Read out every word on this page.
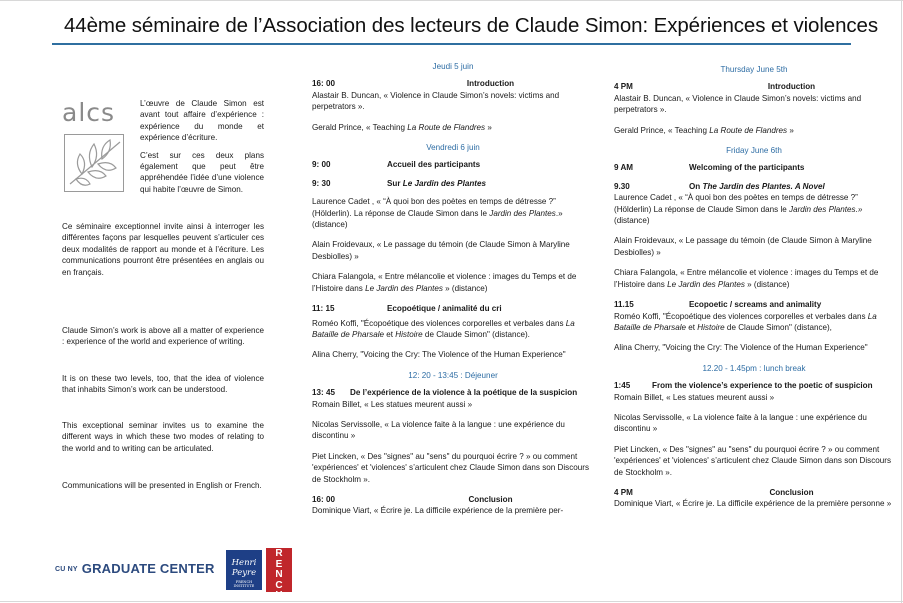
44ème séminaire de l’Association des lecteurs de Claude Simon: Expériences et violences
alcs	L’œuvre de Claude Simon est avant tout affaire d’expérience : expérience du monde et expérience d’écriture.

C’est sur ces deux plans également que peut être appréhendée l’idée d’une violence qui habite l’œuvre de Simon.

Ce séminaire exceptionnel invite ainsi à interroger les différentes façons par lesquelles peuvent s’articuler ces deux modalités de rapport au monde et à l’écriture. Les communications pourront être présentées en anglais ou en français.

Claude Simon’s work is above all a matter of experience : experience of the world and experience of writing.

It is on these two levels, too, that the idea of violence that inhabits Simon’s work can be understood.

This exceptional seminar invites us to examine the different ways in which these two modes of relating to the world and to writing can be articulated.

Communications will be presented in English or French.

CU NY GRADUATE CENTER	Henri
Peyre
FRENCH INSTITUTE
F
R
E
N
C
H
Jeudi 5 juin
16: 00	Introduction
Alastair B. Duncan, « Violence in Claude Simon’s novels: victims and perpetrators ».
Gerald Prince, « Teaching La Route de Flandres »
Vendredi 6 juin
9: 00	Accueil des participants
9: 30	Sur Le Jardin des Plantes
Laurence Cadet , « “À quoi bon des poètes en temps de détresse ?” (Hölderlin). La réponse de Claude Simon dans le Jardin des Plantes.» (distance)
Alain Froidevaux, « Le passage du témoin (de Claude Simon à Maryline Desbiolles) »
Chiara Falangola, « Entre mélancolie et violence : images du Temps et de l’Histoire dans Le Jardin des Plantes » (distance)
11: 15	Ecopoétique / animalité du cri
Roméo Koffi, "Écopoétique des violences corporelles et verbales dans La Bataille de Pharsale et Histoire de Claude Simon" (distance).
Alina Cherry, "Voicing the Cry: The Violence of the Human Experience"
12: 20 - 13:45 : Déjeuner
13: 45	De l’expérience de la violence à la poétique de la suspicion
Romain Billet, « Les statues meurent aussi »
Nicolas Servissolle, « La violence faite à la langue : une expérience du discontinu »
Piet Lincken, « Des "signes" au "sens" du pourquoi écrire ? » ou comment 'expériences' et 'violences' s’articulent chez Claude Simon dans son Discours de Stockholm ».
16: 00	Conclusion
Dominique Viart, « Écrire je. La difficile expérience de la première per-
Thursday June 5th
4 PM	Introduction
Alastair B. Duncan, « Violence in Claude Simon’s novels: victims and perpetrators ».
Gerald Prince, « Teaching La Route de Flandres »
Friday June 6th
9 AM	Welcoming of the participants
9.30	On The Jardin des Plantes. A Novel
Laurence Cadet , « “À quoi bon des poètes en temps de détresse ?” (Hölderlin) La réponse de Claude Simon dans le Jardin des Plantes.» (distance)
Alain Froidevaux, « Le passage du témoin (de Claude Simon à Maryline Desbiolles) »
Chiara Falangola, « Entre mélancolie et violence : images du Temps et de l’Histoire dans Le Jardin des Plantes » (distance)
11.15	Ecopoetic / screams and animality
Roméo Koffi, "Écopoétique des violences corporelles et verbales dans La Bataille de Pharsale et Histoire de Claude Simon" (distance),
Alina Cherry, "Voicing the Cry: The Violence of the Human Experience"
12.20 - 1.45pm : lunch break
1:45	From the violence’s experience to the poetic of suspicion
Romain Billet, « Les statues meurent aussi »
Nicolas Servissolle, « La violence faite à la langue : une expérience du discontinu »
Piet Lincken, « Des "signes" au "sens" du pourquoi écrire ? » ou comment 'expériences' et 'violences' s’articulent chez Claude Simon dans son Discours de Stockholm ».
4 PM	Conclusion
Dominique Viart, « Écrire je. La difficile expérience de la première personne »
